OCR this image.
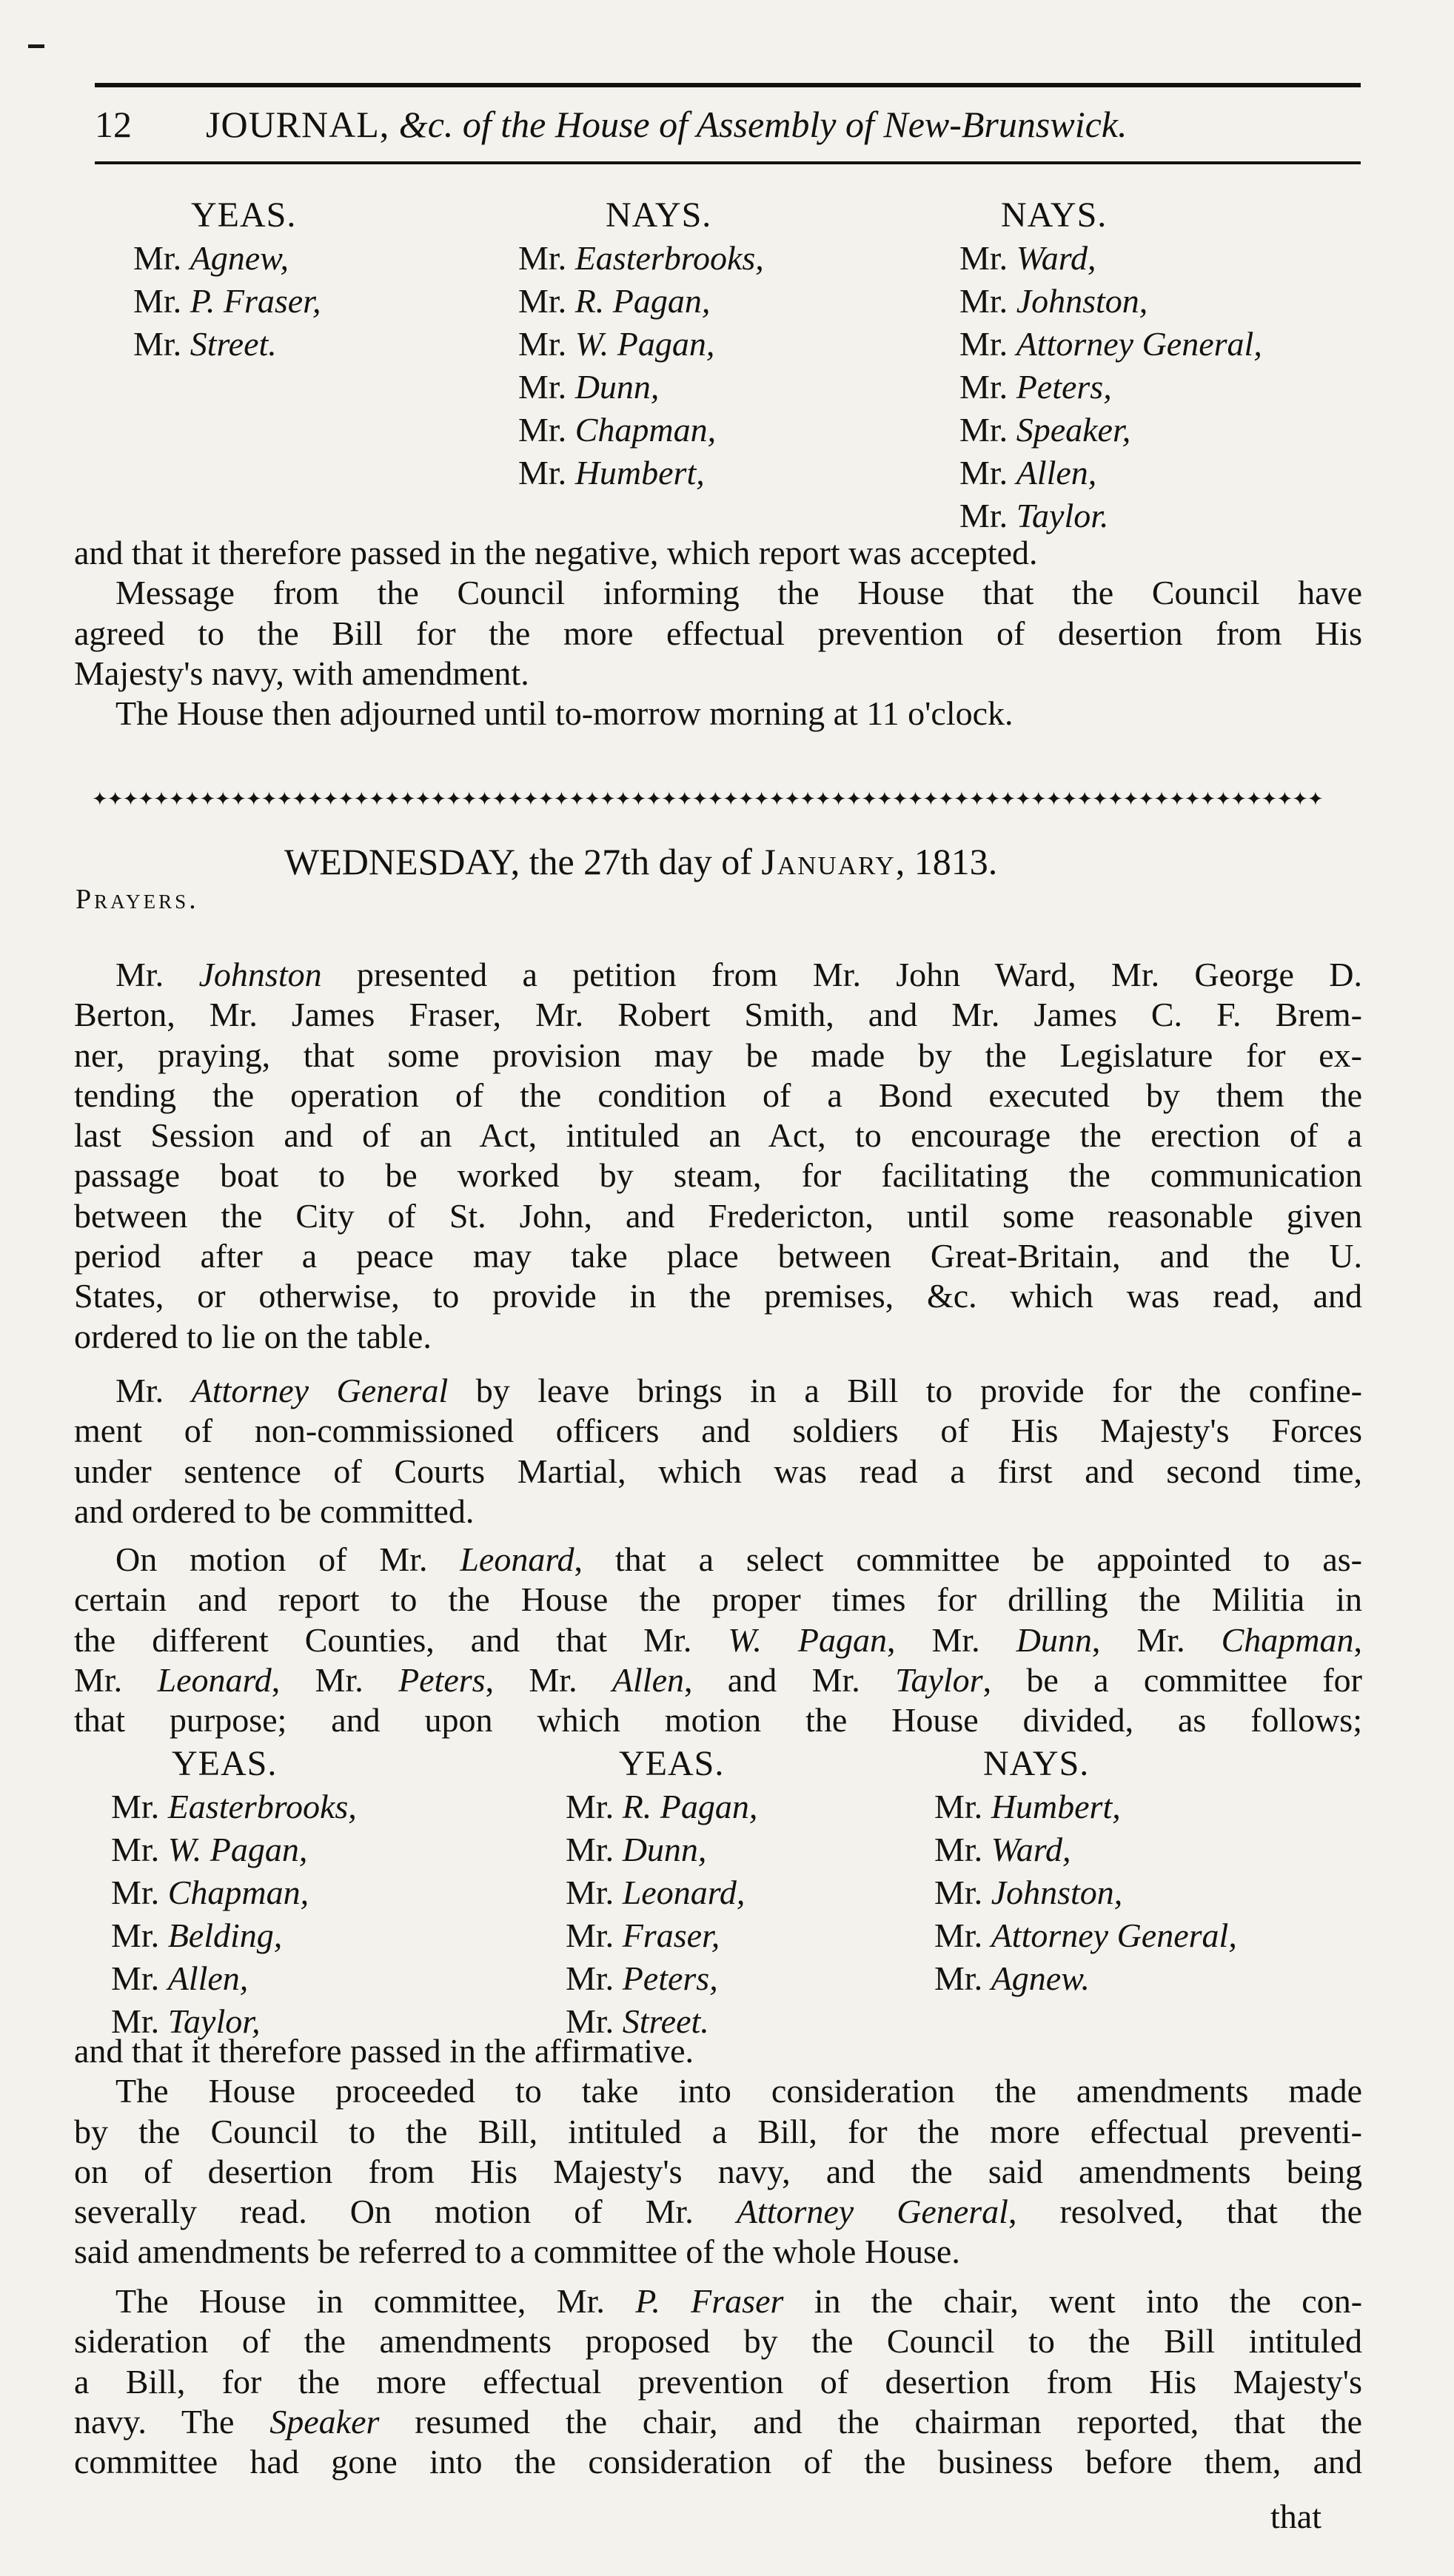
12 JOURNAL, &c. of the House of Assembly of New-Brunswick.
YEAS.
Mr. Agnew,
Mr. P. Fraser,
Mr. Street.
NAYS.
Mr. Easterbrooks,
Mr. R. Pagan,
Mr. W. Pagan,
Mr. Dunn,
Mr. Chapman,
Mr. Humbert,
NAYS.
Mr. Ward,
Mr. Johnston,
Mr. Attorney General,
Mr. Peters,
Mr. Speaker,
Mr. Allen,
Mr. Taylor.
and that it therefore passed in the negative, which report was accepted.
Message from the Council informing the House that the Council have
agreed to the Bill for the more effectual prevention of desertion from His
Majesty's navy, with amendment.
The House then adjourned until to-morrow morning at 11 o'clock.
✦✦✦✦✦✦✦✦✦✦✦✦✦✦✦✦✦✦✦✦✦✦✦✦✦✦✦✦✦✦✦✦✦✦✦✦✦✦✦✦✦✦✦✦✦✦✦✦✦✦✦✦✦✦✦✦✦✦✦✦✦✦✦✦✦✦✦✦✦✦✦✦✦✦✦✦✦✦✦✦
WEDNESDAY, the 27th day of January, 1813.
Prayers.
Mr. Johnston presented a petition from Mr. John Ward, Mr. George D.
Berton, Mr. James Fraser, Mr. Robert Smith, and Mr. James C. F. Brem-
ner, praying, that some provision may be made by the Legislature for ex-
tending the operation of the condition of a Bond executed by them the
last Session and of an Act, intituled an Act, to encourage the erection of a
passage boat to be worked by steam, for facilitating the communication
between the City of St. John, and Fredericton, until some reasonable given
period after a peace may take place between Great-Britain, and the U.
States, or otherwise, to provide in the premises, &c. which was read, and
ordered to lie on the table.
Mr. Attorney General by leave brings in a Bill to provide for the confine-
ment of non-commissioned officers and soldiers of His Majesty's Forces
under sentence of Courts Martial, which was read a first and second time,
and ordered to be committed.
On motion of Mr. Leonard, that a select committee be appointed to as-
certain and report to the House the proper times for drilling the Militia in
the different Counties, and that Mr. W. Pagan, Mr. Dunn, Mr. Chapman,
Mr. Leonard, Mr. Peters, Mr. Allen, and Mr. Taylor, be a committee for
that purpose; and upon which motion the House divided, as follows;
YEAS.
Mr. Easterbrooks,
Mr. W. Pagan,
Mr. Chapman,
Mr. Belding,
Mr. Allen,
Mr. Taylor,
YEAS.
Mr. R. Pagan,
Mr. Dunn,
Mr. Leonard,
Mr. Fraser,
Mr. Peters,
Mr. Street.
NAYS.
Mr. Humbert,
Mr. Ward,
Mr. Johnston,
Mr. Attorney General,
Mr. Agnew.
and that it therefore passed in the affirmative.
The House proceeded to take into consideration the amendments made
by the Council to the Bill, intituled a Bill, for the more effectual preventi-
on of desertion from His Majesty's navy, and the said amendments being
severally read. On motion of Mr. Attorney General, resolved, that the
said amendments be referred to a committee of the whole House.
The House in committee, Mr. P. Fraser in the chair, went into the con-
sideration of the amendments proposed by the Council to the Bill intituled
a Bill, for the more effectual prevention of desertion from His Majesty's
navy. The Speaker resumed the chair, and the chairman reported, that the
committee had gone into the consideration of the business before them, and
that
